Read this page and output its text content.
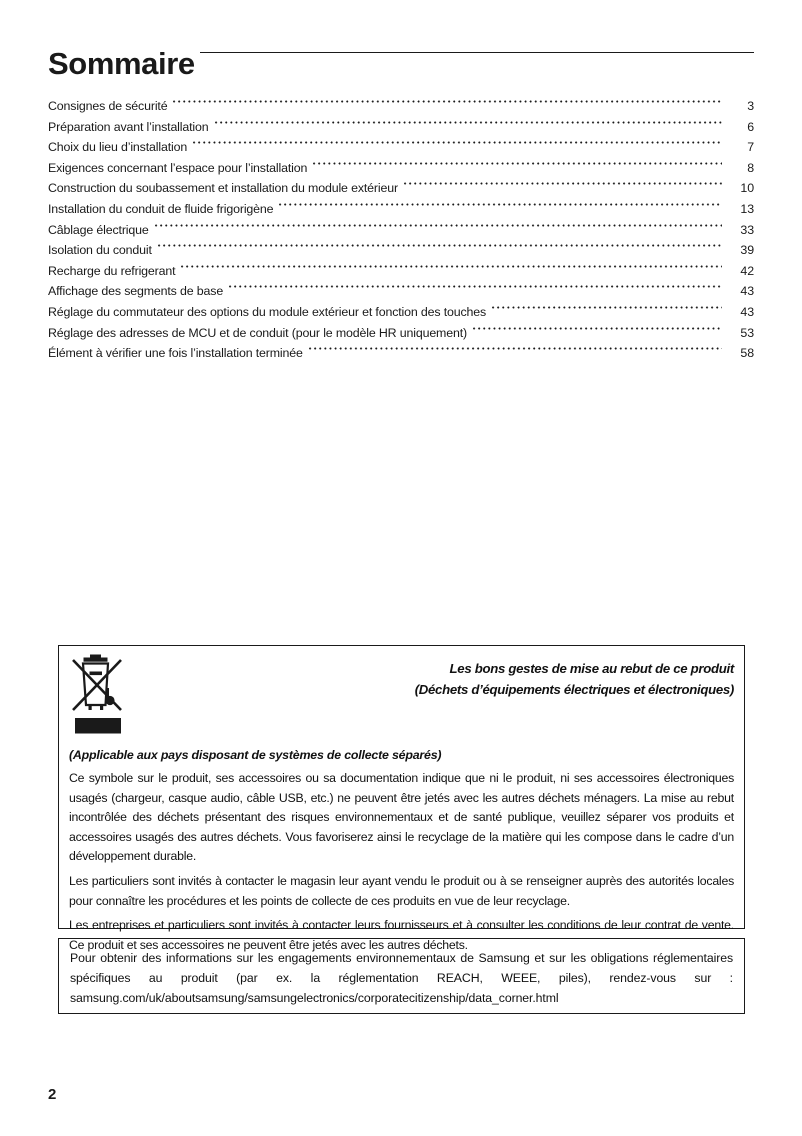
Sommaire
Consignes de sécurité	3
Préparation avant l’installation	6
Choix du lieu d’installation	7
Exigences concernant l’espace pour l’installation	8
Construction du soubassement et installation du module extérieur	10
Installation du conduit de fluide frigorigène	13
Câblage électrique	33
Isolation du conduit	39
Recharge du refrigerant	42
Affichage des segments de base	43
Réglage du commutateur des options du module extérieur et fonction des touches	43
Réglage des adresses de MCU et de conduit (pour le modèle HR uniquement)	53
Élément à vérifier une fois l’installation terminée	58
Les bons gestes de mise au rebut de ce produit
(Déchets d’équipements électriques et électroniques)
(Applicable aux pays disposant de systèmes de collecte séparés)

Ce symbole sur le produit, ses accessoires ou sa documentation indique que ni le produit, ni ses accessoires électroniques usagés (chargeur, casque audio, câble USB, etc.) ne peuvent être jetés avec les autres déchets ménagers. La mise au rebut incontrôlée des déchets présentant des risques environnementaux et de santé publique, veuillez séparer vos produits et accessoires usagés des autres déchets. Vous favoriserez ainsi le recyclage de la matière qui les compose dans le cadre d’un développement durable.

Les particuliers sont invités à contacter le magasin leur ayant vendu le produit ou à se renseigner auprès des autorités locales pour connaître les procédures et les points de collecte de ces produits en vue de leur recyclage.

Les entreprises et particuliers sont invités à contacter leurs fournisseurs et à consulter les conditions de leur contrat de vente. Ce produit et ses accessoires ne peuvent être jetés avec les autres déchets.

Pour obtenir des informations sur les engagements environnementaux de Samsung et sur les obligations réglementaires spécifiques au produit (par ex. la réglementation REACH, WEEE, piles), rendez-vous sur : samsung.com/uk/aboutsamsung/samsungelectronics/corporatecitizenship/data_corner.html

2
